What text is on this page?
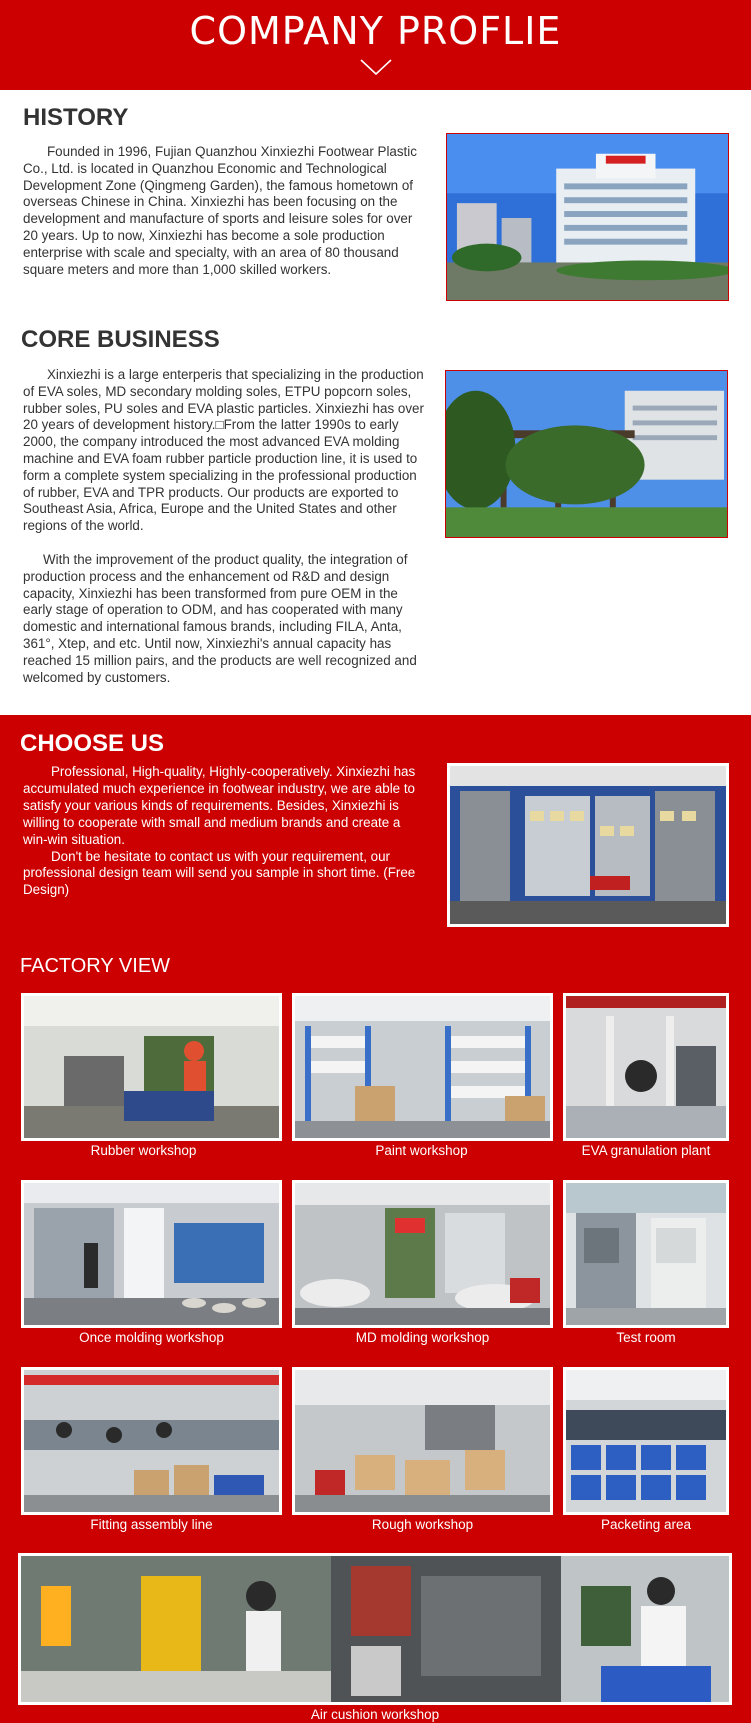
COMPANY PROFLIE
HISTORY

Founded in 1996, Fujian Quanzhou Xinxiezhi Footwear Plastic Co., Ltd. is located in Quanzhou Economic and Technological Development Zone (Qingmeng Garden), the famous hometown of overseas Chinese in China. Xinxiezhi has been focusing on the development and manufacture of sports and leisure soles for over 20 years. Up to now, Xinxiezhi has become a sole production enterprise with scale and specialty, with an area of 80 thousand square meters and more than 1,000 skilled workers.

CORE BUSINESS

Xinxiezhi is a large enterperis that specializing in the production of EVA soles, MD secondary molding soles, ETPU popcorn soles, rubber soles, PU soles and EVA plastic particles. Xinxiezhi has over 20 years of development history.□From the latter 1990s to early 2000, the company introduced the most advanced EVA molding machine and EVA foam rubber particle production line, it is used to form a complete system specializing in the professional production of rubber, EVA and TPR products. Our products are exported to Southeast Asia, Africa, Europe and the United States and other regions of the world.

With the improvement of the product quality, the integration of production process and the enhancement od R&D and design capacity, Xinxiezhi has been transformed from pure OEM in the early stage of operation to ODM, and has cooperated with many domestic and international famous brands, including FILA, Anta, 361°, Xtep, and etc. Until now, Xinxiezhi's annual capacity has reached 15 million pairs, and the products are well recognized and welcomed by customers.

CHOOSE US

Professional, High-quality, Highly-cooperatively. Xinxiezhi has accumulated much experience in footwear industry, we are able to satisfy your various kinds of requirements. Besides, Xinxiezhi is willing to cooperate with small and medium brands and create a win-win situation.

Don't be hesitate to contact us with your requirement, our professional design team will send you sample in short time. (Free Design)

FACTORY VIEW
Rubber workshop	Paint workshop	EVA granulation plant
Once molding workshop	MD molding workshop	Test room
Fitting assembly line	Rough workshop	Packeting area
Air cushion workshop
